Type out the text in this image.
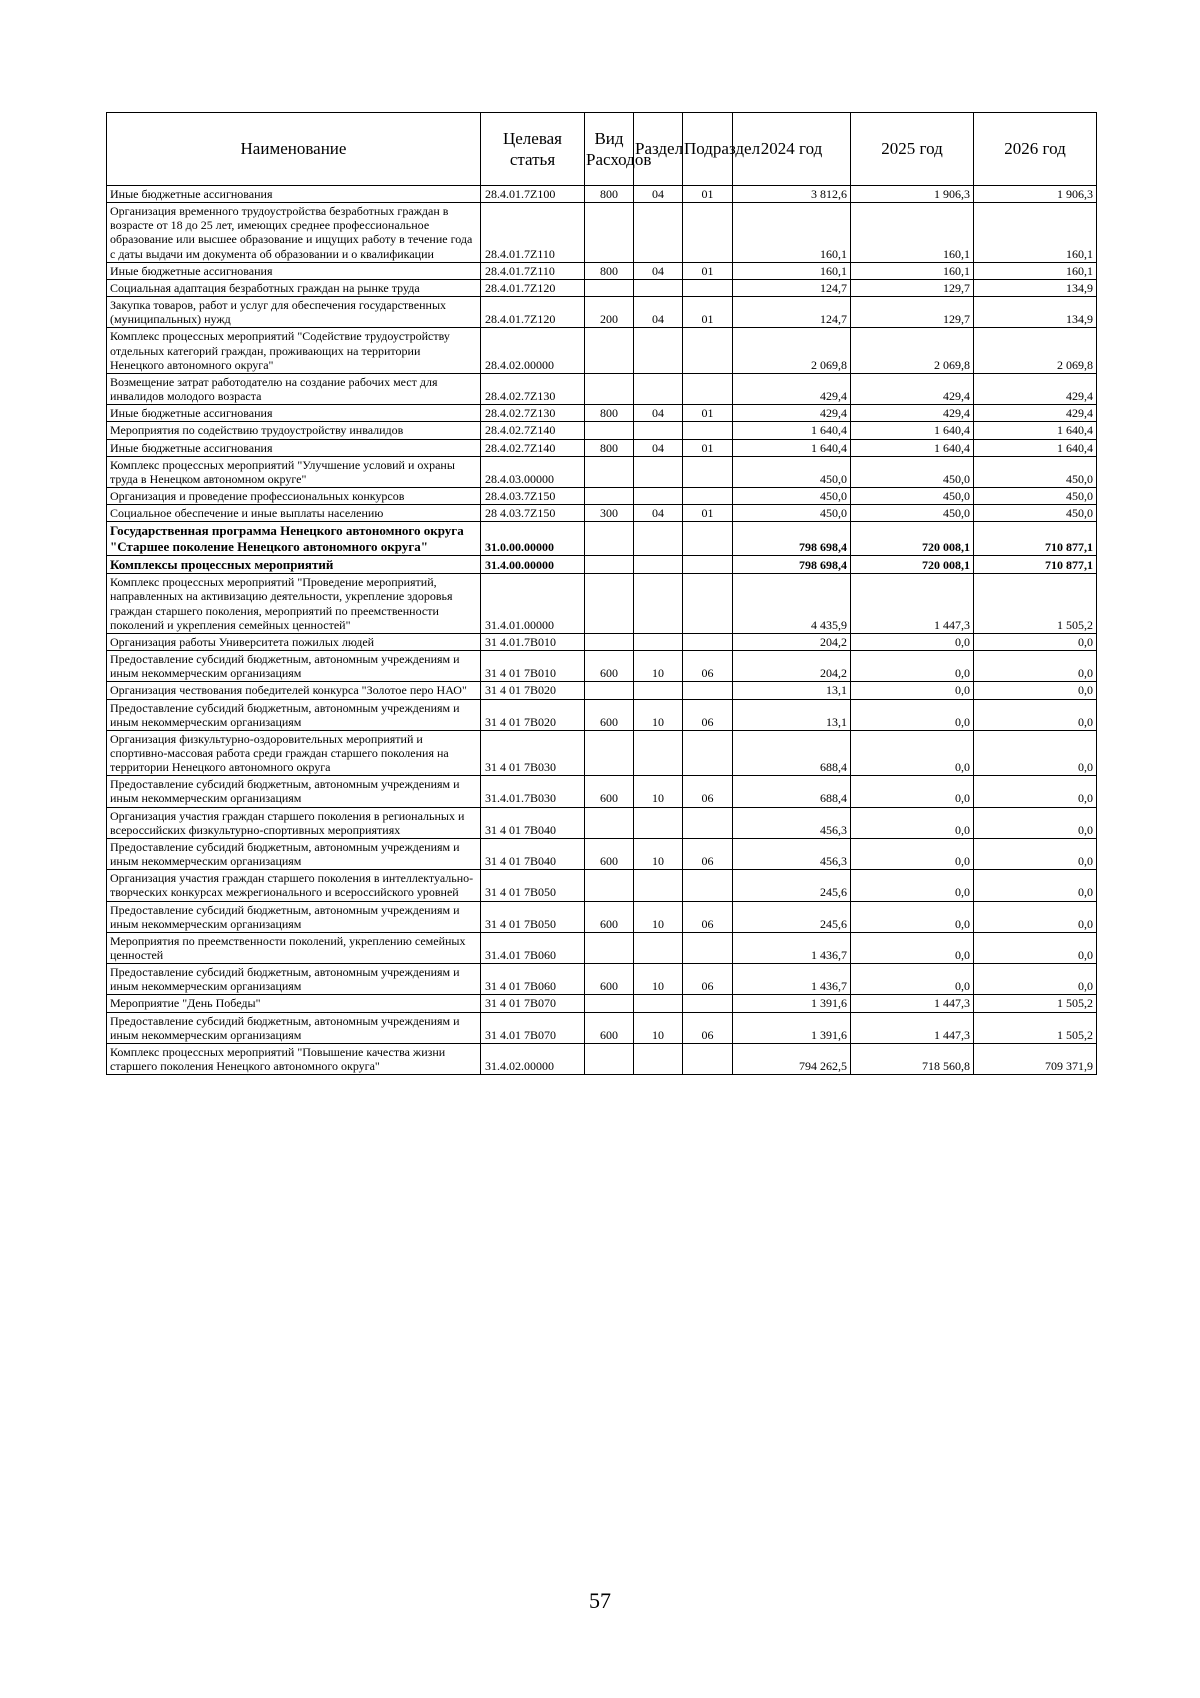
Наименование	Целевая статья	Вид Расходов	Раздел	Подраздел	2024 год	2025 год	2026 год
Иные бюджетные ассигнования	28.4.01.7Z100	800	04	01	3 812,6	1 906,3	1 906,3
Организация временного трудоустройства безработных граждан в возрасте от 18 до 25 лет, имеющих среднее профессиональное образование или высшее образование и ищущих работу в течение года с даты выдачи им документа об образовании и о квалификации	28.4.01.7Z110				160,1	160,1	160,1
Иные бюджетные ассигнования	28.4.01.7Z110	800	04	01	160,1	160,1	160,1
Социальная адаптация безработных граждан на рынке труда	28.4.01.7Z120				124,7	129,7	134,9
Закупка товаров, работ и услуг для обеспечения государственных (муниципальных) нужд	28.4.01.7Z120	200	04	01	124,7	129,7	134,9
Комплекс процессных мероприятий "Содействие трудоустройству отдельных категорий граждан, проживающих на территории Ненецкого автономного округа"	28.4.02.00000				2 069,8	2 069,8	2 069,8
Возмещение затрат работодателю на создание рабочих мест для инвалидов молодого возраста	28.4.02.7Z130				429,4	429,4	429,4
Иные бюджетные ассигнования	28.4.02.7Z130	800	04	01	429,4	429,4	429,4
Мероприятия по содействию трудоустройству инвалидов	28.4.02.7Z140				1 640,4	1 640,4	1 640,4
Иные бюджетные ассигнования	28.4.02.7Z140	800	04	01	1 640,4	1 640,4	1 640,4
Комплекс процессных мероприятий "Улучшение условий и охраны труда в Ненецком автономном округе"	28.4.03.00000				450,0	450,0	450,0
Организация и проведение профессиональных конкурсов	28.4.03.7Z150				450,0	450,0	450,0
Социальное обеспечение и иные выплаты населению	28 4.03.7Z150	300	04	01	450,0	450,0	450,0
Государственная программа Ненецкого автономного округа "Старшее поколение Ненецкого автономного округа"	31.0.00.00000				798 698,4	720 008,1	710 877,1
Комплексы процессных мероприятий	31.4.00.00000				798 698,4	720 008,1	710 877,1
Комплекс процессных мероприятий "Проведение мероприятий, направленных на активизацию деятельности, укрепление здоровья граждан старшего поколения, мероприятий по преемственности поколений и укрепления семейных ценностей"	31.4.01.00000				4 435,9	1 447,3	1 505,2
Организация работы Университета пожилых людей	31 4.01.7В010				204,2	0,0	0,0
Предоставление субсидий бюджетным, автономным учреждениям и иным некоммерческим организациям	31 4 01 7В010	600	10	06	204,2	0,0	0,0
Организация чествования победителей конкурса "Золотое перо НАО"	31 4 01 7В020				13,1	0,0	0,0
Предоставление субсидий бюджетным, автономным учреждениям и иным некоммерческим организациям	31 4 01 7В020	600	10	06	13,1	0,0	0,0
Организация физкультурно-оздоровительных мероприятий и спортивно-массовая работа среди граждан старшего поколения на территории Ненецкого автономного округа	31 4 01 7В030				688,4	0,0	0,0
Предоставление субсидий бюджетным, автономным учреждениям и иным некоммерческим организациям	31.4.01.7В030	600	10	06	688,4	0,0	0,0
Организация участия граждан старшего поколения в региональных и всероссийских физкультурно-спортивных мероприятиях	31 4 01 7В040				456,3	0,0	0,0
Предоставление субсидий бюджетным, автономным учреждениям и иным некоммерческим организациям	31 4 01 7В040	600	10	06	456,3	0,0	0,0
Организация участия граждан старшего поколения в интеллектуально-творческих конкурсах межрегионального и всероссийского уровней	31 4 01 7В050				245,6	0,0	0,0
Предоставление субсидий бюджетным, автономным учреждениям и иным некоммерческим организациям	31 4 01 7В050	600	10	06	245,6	0,0	0,0
Мероприятия по преемственности поколений, укреплению семейных ценностей	31.4.01 7В060				1 436,7	0,0	0,0
Предоставление субсидий бюджетным, автономным учреждениям и иным некоммерческим организациям	31 4 01 7В060	600	10	06	1 436,7	0,0	0,0
Мероприятие "День Победы"	31 4 01 7В070				1 391,6	1 447,3	1 505,2
Предоставление субсидий бюджетным, автономным учреждениям и иным некоммерческим организациям	31 4.01 7В070	600	10	06	1 391,6	1 447,3	1 505,2
Комплекс процессных мероприятий "Повышение качества жизни старшего поколения Ненецкого автономного округа"	31.4.02.00000				794 262,5	718 560,8	709 371,9
57
